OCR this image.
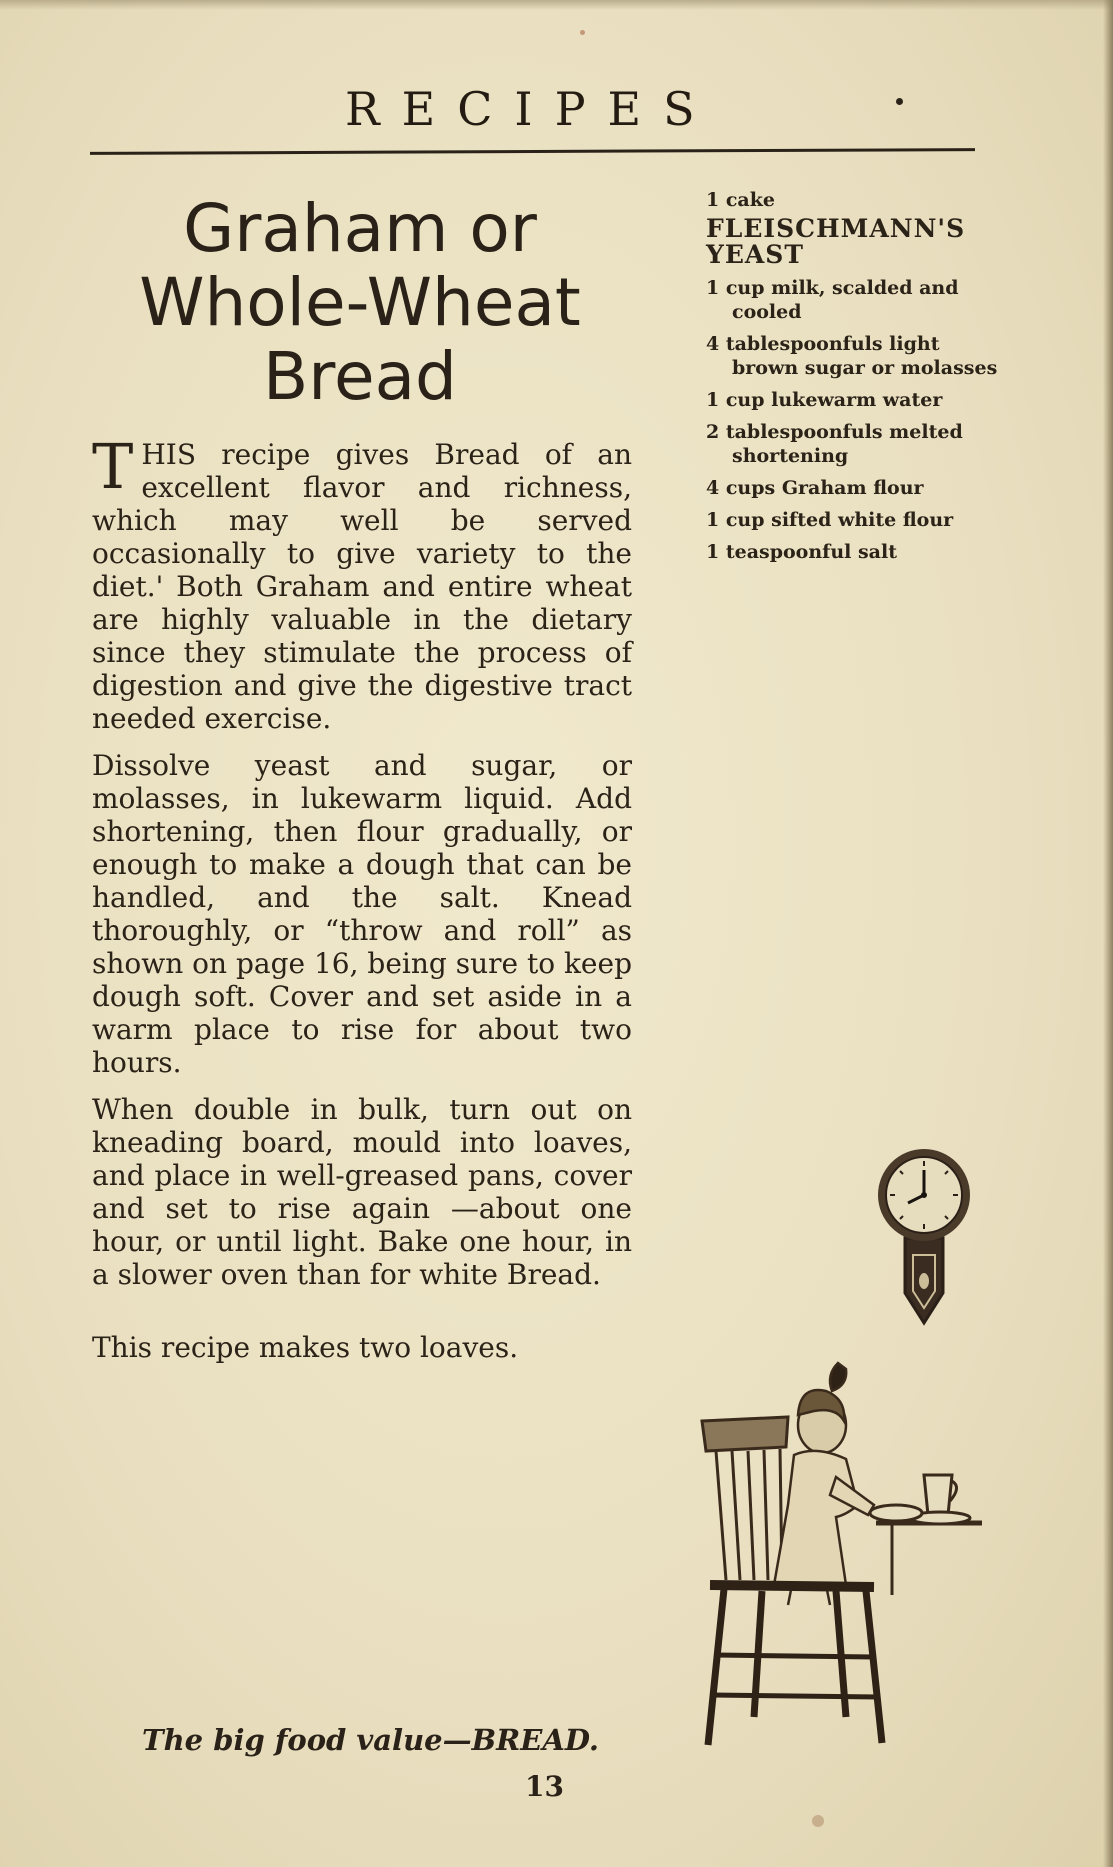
RECIPES
Graham or Whole-Wheat Bread

THIS recipe gives Bread of an excellent flavor and richness, which may well be served occasionally to give variety to the diet.' Both Graham and entire wheat are highly valuable in the dietary since they stimulate the process of digestion and give the digestive tract needed exercise.

Dissolve yeast and sugar, or molasses, in lukewarm liquid. Add shortening, then flour gradually, or enough to make a dough that can be handled, and the salt. Knead thoroughly, or “throw and roll” as shown on page 16, being sure to keep dough soft. Cover and set aside in a warm place to rise for about two hours.

When double in bulk, turn out on kneading board, mould into loaves, and place in well-greased pans, cover and set to rise again —about one hour, or until light. Bake one hour, in a slower oven than for white Bread.

This recipe makes two loaves.

1 cake
FLEISCHMANN'S YEAST
1 cup milk, scalded and cooled
4 tablespoonfuls light brown sugar or molasses
1 cup lukewarm water
2 tablespoonfuls melted shortening
4 cups Graham flour
1 cup sifted white flour
1 teaspoonful salt
The big food value—BREAD.
13
